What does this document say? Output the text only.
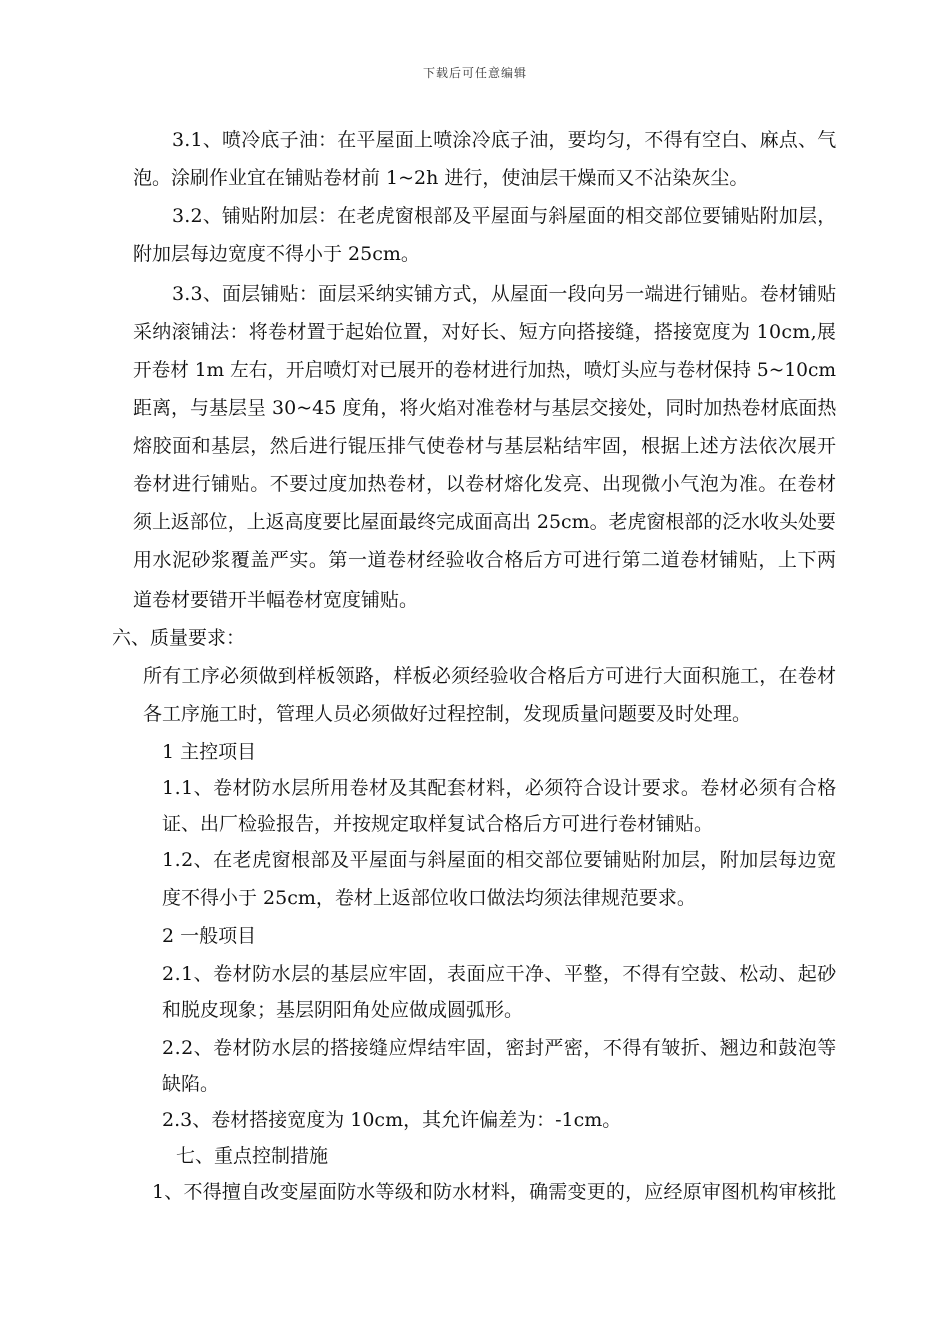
下载后可任意编辑
3.1、喷冷底子油：在平屋面上喷涂冷底子油，要均匀，不得有空白、麻点、气
泡。涂刷作业宜在铺贴卷材前 1~2h 进行，使油层干燥而又不沾染灰尘。
3.2、铺贴附加层：在老虎窗根部及平屋面与斜屋面的相交部位要铺贴附加层，
附加层每边宽度不得小于 25cm。
3.3、面层铺贴：面层采纳实铺方式，从屋面一段向另一端进行铺贴。卷材铺贴
采纳滚铺法：将卷材置于起始位置，对好长、短方向搭接缝，搭接宽度为 10cm,展
开卷材 1m 左右，开启喷灯对已展开的卷材进行加热，喷灯头应与卷材保持 5~10cm
距离，与基层呈 30~45 度角，将火焰对准卷材与基层交接处，同时加热卷材底面热
熔胶面和基层，然后进行锟压排气使卷材与基层粘结牢固，根据上述方法依次展开
卷材进行铺贴。不要过度加热卷材，以卷材熔化发亮、出现微小气泡为准。在卷材
须上返部位，上返高度要比屋面最终完成面高出 25cm。老虎窗根部的泛水收头处要
用水泥砂浆覆盖严实。第一道卷材经验收合格后方可进行第二道卷材铺贴，上下两
道卷材要错开半幅卷材宽度铺贴。
六、质量要求：
所有工序必须做到样板领路，样板必须经验收合格后方可进行大面积施工，在卷材
各工序施工时，管理人员必须做好过程控制，发现质量问题要及时处理。
1 主控项目
1.1、卷材防水层所用卷材及其配套材料，必须符合设计要求。卷材必须有合格
证、出厂检验报告，并按规定取样复试合格后方可进行卷材铺贴。
1.2、在老虎窗根部及平屋面与斜屋面的相交部位要铺贴附加层，附加层每边宽
度不得小于 25cm，卷材上返部位收口做法均须法律规范要求。
2 一般项目
2.1、卷材防水层的基层应牢固，表面应干净、平整，不得有空鼓、松动、起砂
和脱皮现象；基层阴阳角处应做成圆弧形。
2.2、卷材防水层的搭接缝应焊结牢固，密封严密，不得有皱折、翘边和鼓泡等
缺陷。
2.3、卷材搭接宽度为 10cm，其允许偏差为：-1cm。
七、重点控制措施
1、不得擅自改变屋面防水等级和防水材料，确需变更的，应经原审图机构审核批
